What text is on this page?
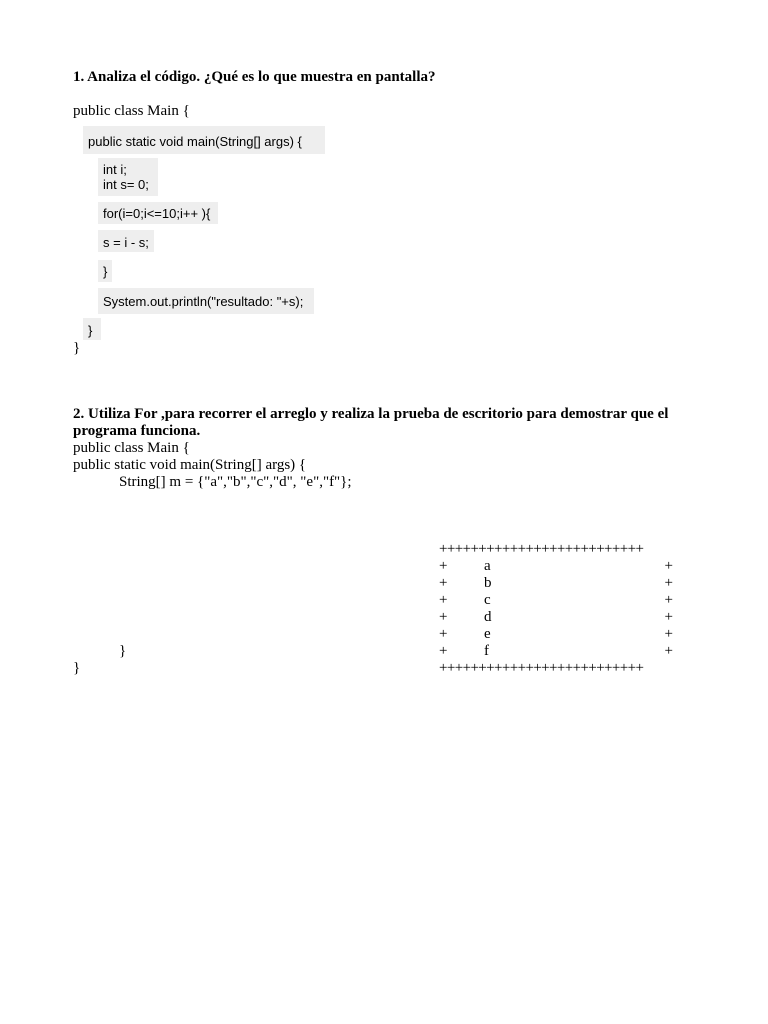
1. Analiza el código. ¿Qué es lo que muestra en pantalla?
public class Main {
public static void main(String[] args) {
int i;
int s= 0;
for(i=0;i<=10;i++ ){
s = i - s;
}
System.out.println("resultado: "+s);
}
}
2. Utiliza For ,para recorrer el arreglo y realiza la prueba de escritorio para demostrar que el
programa funciona.
public class Main {
public static void main(String[] args) {
String[] m = {"a","b","c","d", "e","f"};
}
}
++++++++++++++++++++++++++
+ a	+
+ b	+
+ c	+
+ d	+
+ e	+
+ f	+
++++++++++++++++++++++++++
